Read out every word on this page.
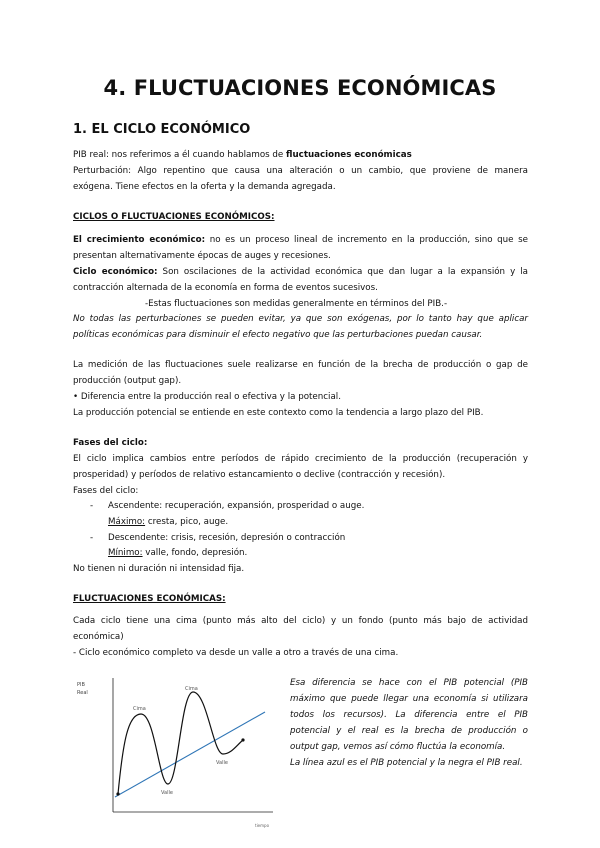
4. FLUCTUACIONES ECONÓMICAS
1. EL CICLO ECONÓMICO
PIB real: nos referimos a él cuando hablamos de fluctuaciones económicas
Perturbación: Algo repentino que causa una alteración o un cambio, que proviene de manera
exógena. Tiene efectos en la oferta y la demanda agregada.
CICLOS O FLUCTUACIONES ECONÓMICOS:
El crecimiento económico: no es un proceso lineal de incremento en la producción, sino que se
presentan alternativamente épocas de auges y recesiones.
Ciclo económico: Son oscilaciones de la actividad económica que dan lugar a la expansión y la
contracción alternada de la economía en forma de eventos sucesivos.
-Estas fluctuaciones son medidas generalmente en términos del PIB.-
No todas las perturbaciones se pueden evitar, ya que son exógenas, por lo tanto hay que aplicar
políticas económicas para disminuir el efecto negativo que las perturbaciones puedan causar.
La medición de las fluctuaciones suele realizarse en función de la brecha de producción o gap de
producción (output gap).
• Diferencia entre la producción real o efectiva y la potencial.
La producción potencial se entiende en este contexto como la tendencia a largo plazo del PIB.
Fases del ciclo:
El ciclo implica cambios entre períodos de rápido crecimiento de la producción (recuperación y
prosperidad) y períodos de relativo estancamiento o declive (contracción y recesión).
Fases del ciclo:
- Ascendente: recuperación, expansión, prosperidad o auge.
Máximo: cresta, pico, auge.
- Descendente: crisis, recesión, depresión o contracción
Mínimo: valle, fondo, depresión.
No tienen ni duración ni intensidad fija.
FLUCTUACIONES ECONÓMICAS:
Cada ciclo tiene una cima (punto más alto del ciclo) y un fondo (punto más bajo de actividad
económica)
- Ciclo económico completo va desde un valle a otro a través de una cima.
PIB
Real
Cima
Cima
Valle
Valle
tiempo
Esa diferencia se hace con el PIB potencial (PIB
máximo que puede llegar una economía si utilizara
todos los recursos). La diferencia entre el PIB
potencial y el real es la brecha de producción o
output gap, vemos así cómo fluctúa la economía.
La línea azul es el PIB potencial y la negra el PIB real.
